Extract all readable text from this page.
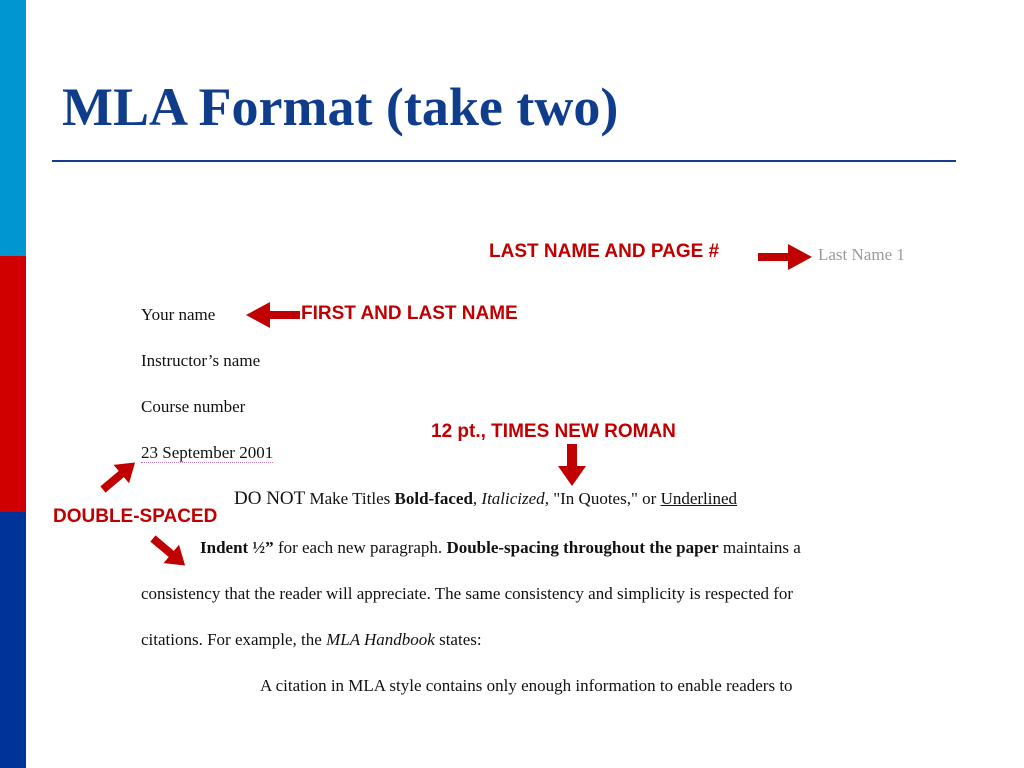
MLA Format (take two)

LAST NAME AND PAGE #	Last Name 1

Your name	FIRST AND LAST NAME

Instructor’s name

Course number

23 September 2001

12 pt., TIMES NEW ROMAN

DO NOT Make Titles Bold-faced, Italicized, "In Quotes," or Underlined

DOUBLE-SPACED

Indent ½” for each new paragraph. Double-spacing throughout the paper maintains a

consistency that the reader will appreciate. The same consistency and simplicity is respected for

citations. For example, the MLA Handbook states:

A citation in MLA style contains only enough information to enable readers to
